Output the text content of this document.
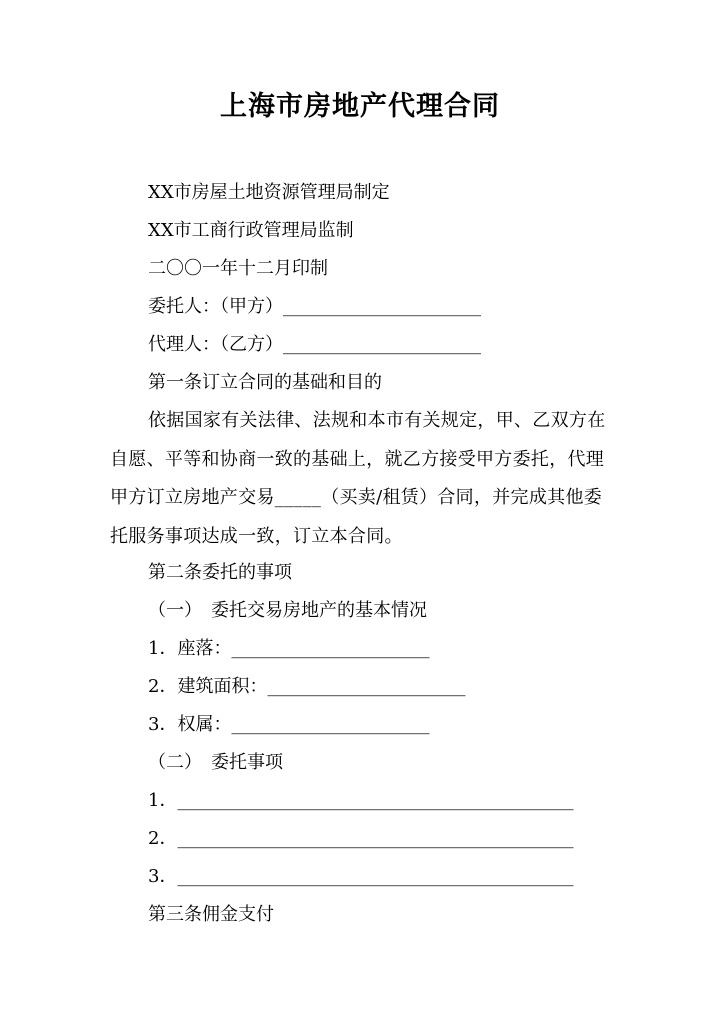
上海市房地产代理合同
XX市房屋土地资源管理局制定
XX市工商行政管理局监制
二〇〇一年十二月印制
委托人：（甲方）______________________
代理人：（乙方）______________________
第一条订立合同的基础和目的
依据国家有关法律、法规和本市有关规定，甲、乙双方在自愿、平等和协商一致的基础上，就乙方接受甲方委托，代理甲方订立房地产交易_____（买卖/租赁）合同，并完成其他委托服务事项达成一致，订立本合同。
第二条委托的事项
（一）　委托交易房地产的基本情况
1．座落：______________________
2．建筑面积：______________________
3．权属：______________________
（二）　委托事项
1．____________________________________________
2．____________________________________________
3．____________________________________________
第三条佣金支付
